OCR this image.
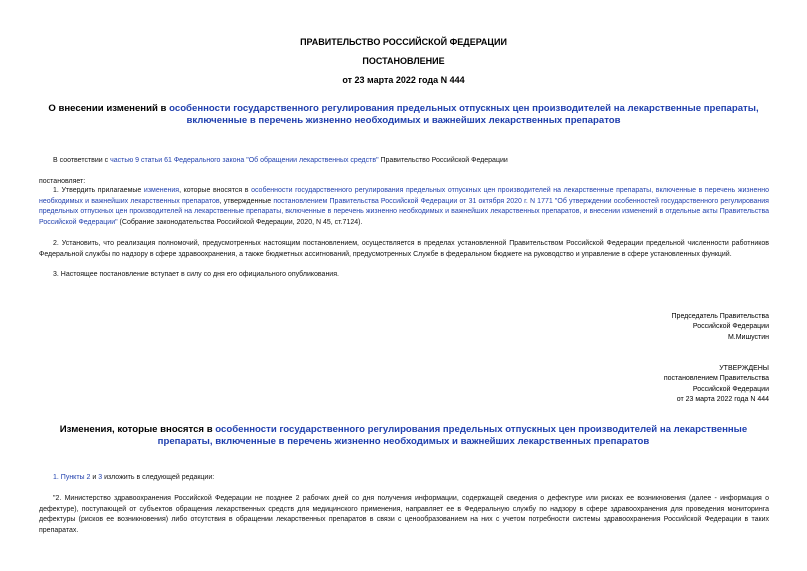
ПРАВИТЕЛЬСТВО РОССИЙСКОЙ ФЕДЕРАЦИИ
ПОСТАНОВЛЕНИЕ
от 23 марта 2022 года N 444
О внесении изменений в особенности государственного регулирования предельных отпускных цен производителей на лекарственные препараты, включенные в перечень жизненно необходимых и важнейших лекарственных препаратов
В соответствии с частью 9 статьи 61 Федерального закона "Об обращении лекарственных средств" Правительство Российской Федерации
постановляет:
1. Утвердить прилагаемые изменения, которые вносятся в особенности государственного регулирования предельных отпускных цен производителей на лекарственные препараты, включенные в перечень жизненно необходимых и важнейших лекарственных препаратов, утвержденные постановлением Правительства Российской Федерации от 31 октября 2020 г. N 1771 "Об утверждении особенностей государственного регулирования предельных отпускных цен производителей на лекарственные препараты, включенные в перечень жизненно необходимых и важнейших лекарственных препаратов, и внесении изменений в отдельные акты Правительства Российской Федерации" (Собрание законодательства Российской Федерации, 2020, N 45, ст.7124).
2. Установить, что реализация полномочий, предусмотренных настоящим постановлением, осуществляется в пределах установленной Правительством Российской Федерации предельной численности работников Федеральной службы по надзору в сфере здравоохранения, а также бюджетных ассигнований, предусмотренных Службе в федеральном бюджете на руководство и управление в сфере установленных функций.
3. Настоящее постановление вступает в силу со дня его официального опубликования.
Председатель Правительства
Российской Федерации
М.Мишустин
УТВЕРЖДЕНЫ
постановлением Правительства
Российской Федерации
от 23 марта 2022 года N 444
Изменения, которые вносятся в особенности государственного регулирования предельных отпускных цен производителей на лекарственные препараты, включенные в перечень жизненно необходимых и важнейших лекарственных препаратов
1. Пункты 2 и 3 изложить в следующей редакции:
"2. Министерство здравоохранения Российской Федерации не позднее 2 рабочих дней со дня получения информации, содержащей сведения о дефектуре или рисках ее возникновения (далее - информация о дефектуре), поступающей от субъектов обращения лекарственных средств для медицинского применения, направляет ее в Федеральную службу по надзору в сфере здравоохранения для проведения мониторинга дефектуры (рисков ее возникновения) либо отсутствия в обращении лекарственных препаратов в связи с ценообразованием на них с учетом потребности системы здравоохранения Российской Федерации в таких препаратах.
